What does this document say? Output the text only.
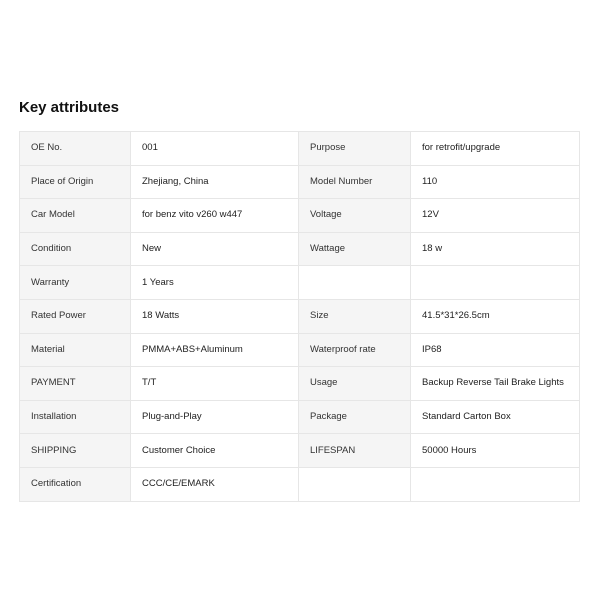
Key attributes
OE No.	001	Purpose	for retrofit/upgrade
Place of Origin	Zhejiang, China	Model Number	110
Car Model	for benz vito v260 w447	Voltage	12V
Condition	New	Wattage	18 w
Warranty	1 Years		
Rated Power	18 Watts	Size	41.5*31*26.5cm
Material	PMMA+ABS+Aluminum	Waterproof rate	IP68
PAYMENT	T/T	Usage	Backup Reverse Tail Brake Lights
Installation	Plug-and-Play	Package	Standard Carton Box
SHIPPING	Customer Choice	LIFESPAN	50000 Hours
Certification	CCC/CE/EMARK		
